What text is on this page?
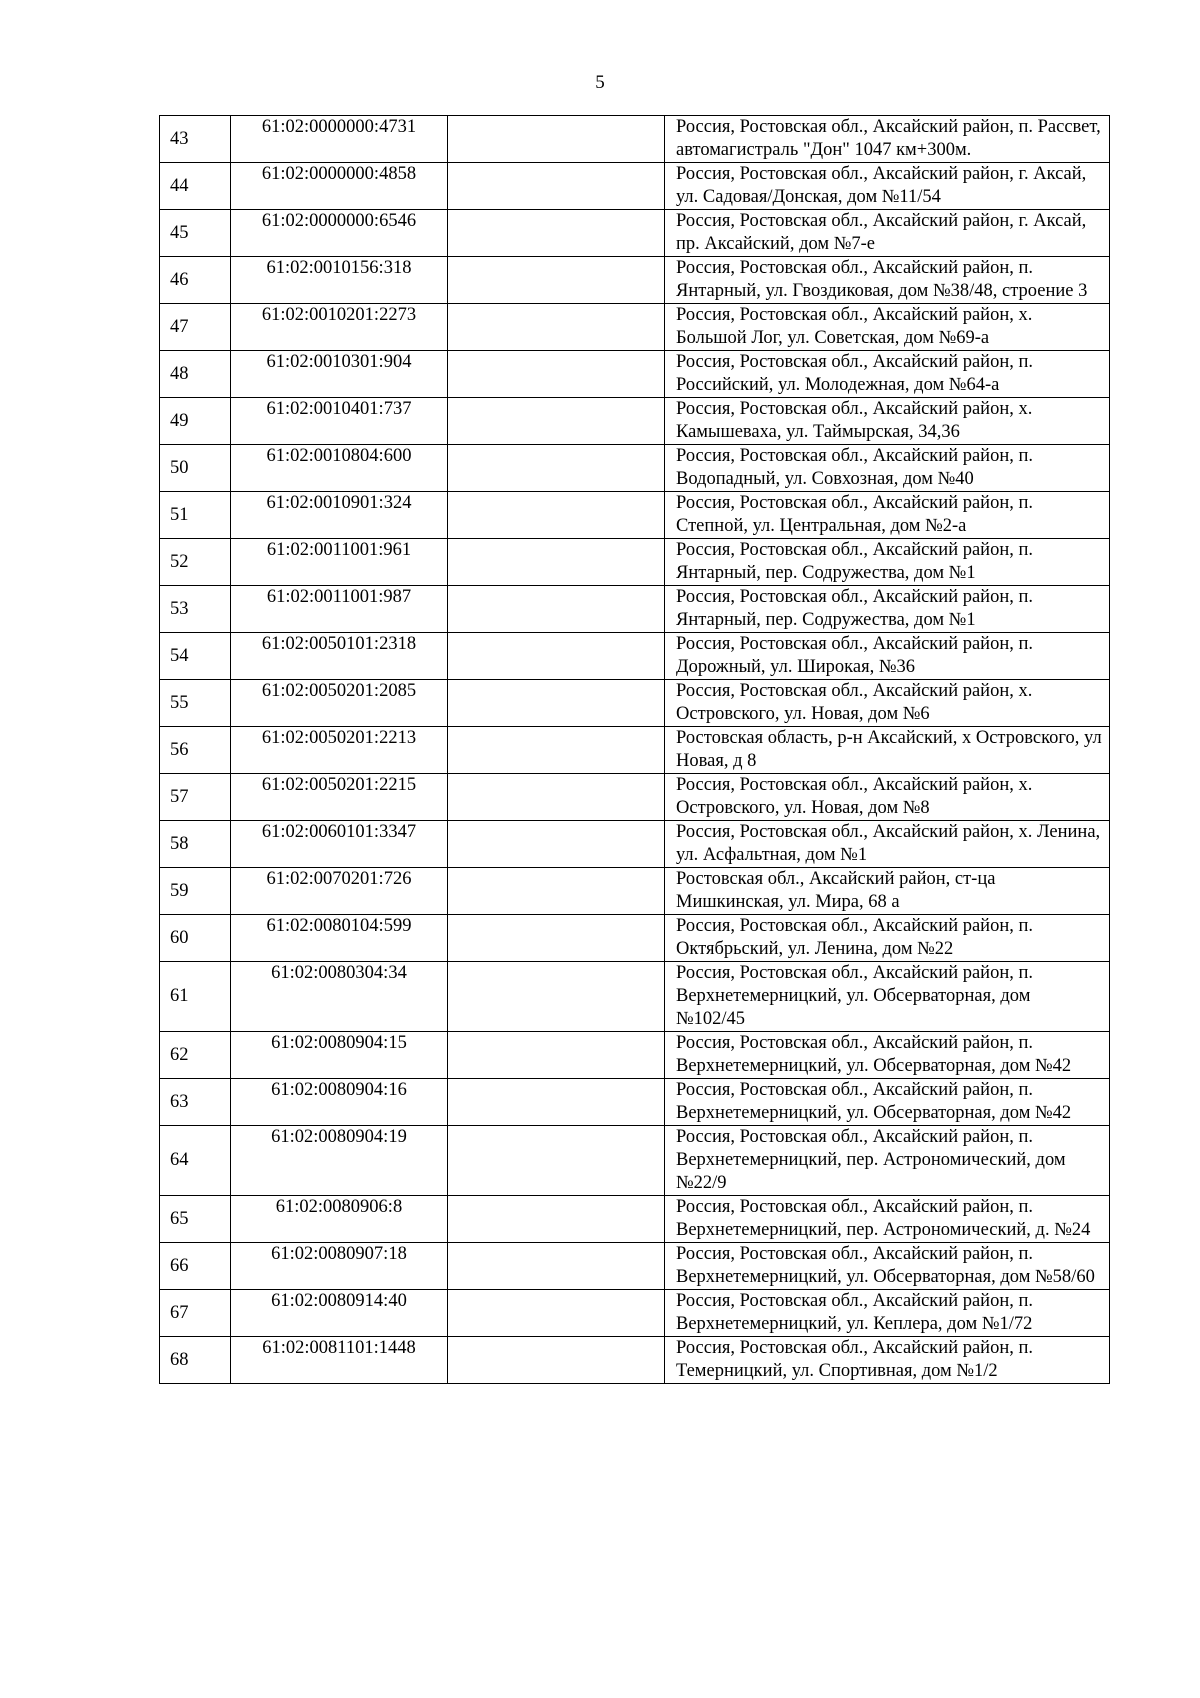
5
43	61:02:0000000:4731		Россия, Ростовская обл., Аксайский район, п. Рассвет, автомагистраль "Дон" 1047 км+300м.

44	61:02:0000000:4858		Россия, Ростовская обл., Аксайский район, г. Аксай, ул. Садовая/Донская, дом №11/54

45	61:02:0000000:6546		Россия, Ростовская обл., Аксайский район, г. Аксай, пр. Аксайский, дом №7-е

46	61:02:0010156:318		Россия, Ростовская обл., Аксайский район, п. Янтарный, ул. Гвоздиковая, дом №38/48, строение 3

47	61:02:0010201:2273		Россия, Ростовская обл., Аксайский район, х. Большой Лог, ул. Советская, дом №69-а

48	61:02:0010301:904		Россия, Ростовская обл., Аксайский район, п. Российский, ул. Молодежная, дом №64-а

49	61:02:0010401:737		Россия, Ростовская обл., Аксайский район, х. Камышеваха, ул. Таймырская, 34,36

50	61:02:0010804:600		Россия, Ростовская обл., Аксайский район, п. Водопадный, ул. Совхозная, дом №40

51	61:02:0010901:324		Россия, Ростовская обл., Аксайский район, п. Степной, ул. Центральная, дом №2-а

52	61:02:0011001:961		Россия, Ростовская обл., Аксайский район, п. Янтарный, пер. Содружества, дом №1

53	61:02:0011001:987		Россия, Ростовская обл., Аксайский район, п. Янтарный, пер. Содружества, дом №1

54	61:02:0050101:2318		Россия, Ростовская обл., Аксайский район, п. Дорожный, ул. Широкая, №36

55	61:02:0050201:2085		Россия, Ростовская обл., Аксайский район, х. Островского, ул. Новая, дом №6

56	61:02:0050201:2213		Ростовская область, р-н Аксайский, х Островского, ул Новая, д 8

57	61:02:0050201:2215		Россия, Ростовская обл., Аксайский район, х. Островского, ул. Новая, дом №8

58	61:02:0060101:3347		Россия, Ростовская обл., Аксайский район, х. Ленина, ул. Асфальтная, дом №1

59	61:02:0070201:726		Ростовская обл., Аксайский район, ст-ца Мишкинская, ул. Мира, 68 а

60	61:02:0080104:599		Россия, Ростовская обл., Аксайский район, п. Октябрьский, ул. Ленина, дом №22

61	61:02:0080304:34		Россия, Ростовская обл., Аксайский район, п. Верхнетемерницкий, ул. Обсерваторная, дом №102/45

62	61:02:0080904:15		Россия, Ростовская обл., Аксайский район, п. Верхнетемерницкий, ул. Обсерваторная, дом №42

63	61:02:0080904:16		Россия, Ростовская обл., Аксайский район, п. Верхнетемерницкий, ул. Обсерваторная, дом №42

64	61:02:0080904:19		Россия, Ростовская обл., Аксайский район, п. Верхнетемерницкий, пер. Астрономический, дом №22/9

65	61:02:0080906:8		Россия, Ростовская обл., Аксайский район, п. Верхнетемерницкий, пер. Астрономический, д. №24

66	61:02:0080907:18		Россия, Ростовская обл., Аксайский район, п. Верхнетемерницкий, ул. Обсерваторная, дом №58/60

67	61:02:0080914:40		Россия, Ростовская обл., Аксайский район, п. Верхнетемерницкий, ул. Кеплера, дом №1/72

68	61:02:0081101:1448		Россия, Ростовская обл., Аксайский район, п. Темерницкий, ул. Спортивная, дом №1/2
